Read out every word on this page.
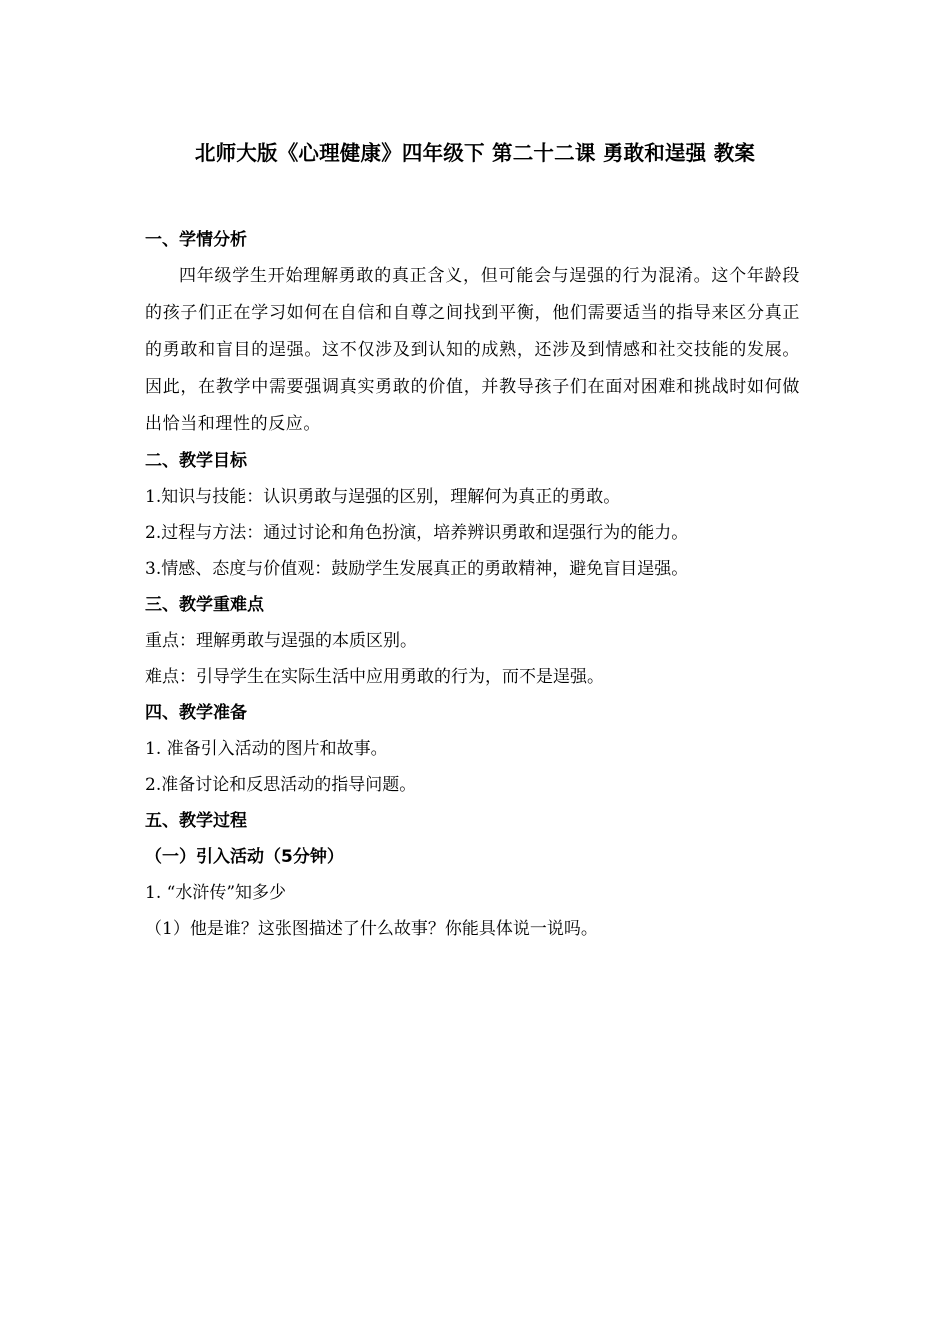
北师大版《心理健康》四年级下 第二十二课 勇敢和逞强 教案
一、学情分析

四年级学生开始理解勇敢的真正含义，但可能会与逞强的行为混淆。这个年龄段的孩子们正在学习如何在自信和自尊之间找到平衡，他们需要适当的指导来区分真正的勇敢和盲目的逞强。这不仅涉及到认知的成熟，还涉及到情感和社交技能的发展。因此，在教学中需要强调真实勇敢的价值，并教导孩子们在面对困难和挑战时如何做出恰当和理性的反应。

二、教学目标
1.知识与技能：认识勇敢与逞强的区别，理解何为真正的勇敢。
2.过程与方法：通过讨论和角色扮演，培养辨识勇敢和逞强行为的能力。
3.情感、态度与价值观：鼓励学生发展真正的勇敢精神，避免盲目逞强。
三、教学重难点
重点：理解勇敢与逞强的本质区别。
难点：引导学生在实际生活中应用勇敢的行为，而不是逞强。
四、教学准备
1. 准备引入活动的图片和故事。
2.准备讨论和反思活动的指导问题。
五、教学过程
（一）引入活动（5分钟）
1. “水浒传”知多少
（1）他是谁？这张图描述了什么故事？你能具体说一说吗。
